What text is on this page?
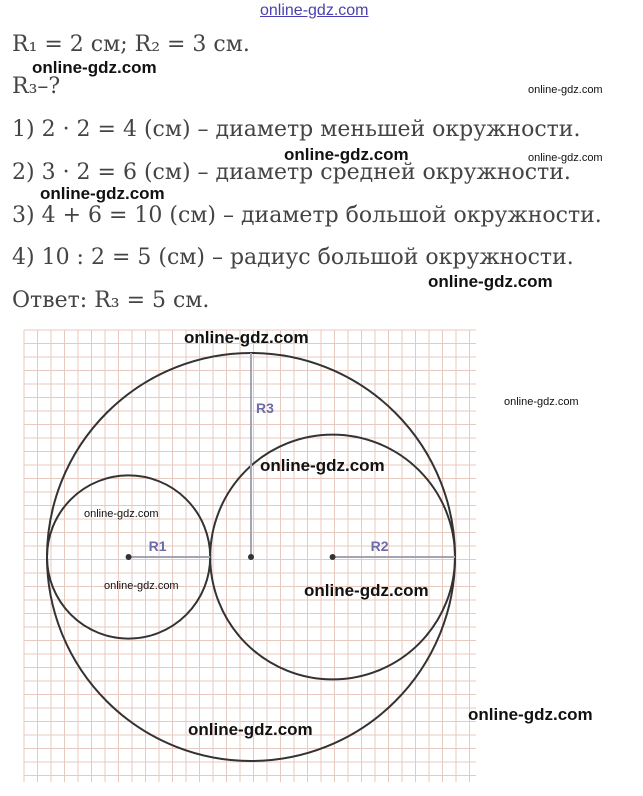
online-gdz.com
R₁ = 2 см; R₂ = 3 см.
R₃–?
1) 2 · 2 = 4 (см) – диаметр меньшей окружности.
2) 3 · 2 = 6 (см) – диаметр средней окружности.
3) 4 + 6 = 10 (см) – диаметр большой окружности.
4) 10 : 2 = 5 (см) – радиус большой окружности.
Ответ: R₃ = 5 см.
R1	R2
R3
online-gdz.com
online-gdz.com
online-gdz.com	online-gdz.com
online-gdz.com
online-gdz.com
online-gdz.com
online-gdz.com
online-gdz.com
online-gdz.com
online-gdz.com	online-gdz.com
online-gdz.com
online-gdz.com
